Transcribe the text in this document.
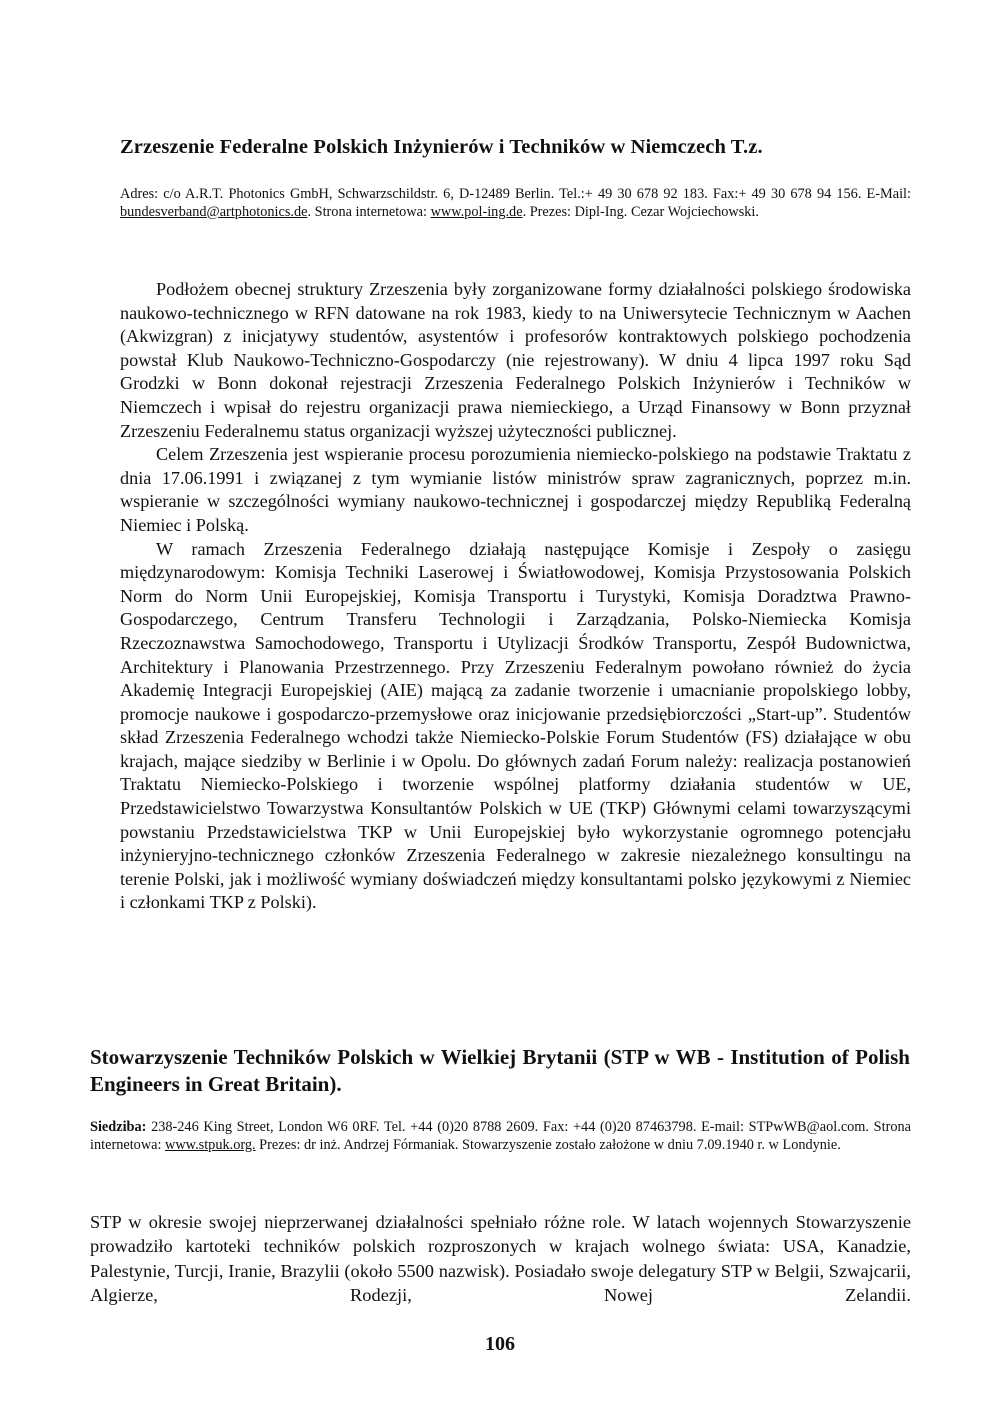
Zrzeszenie Federalne Polskich Inżynierów i Techników w Niemczech T.z.
Adres: c/o A.R.T. Photonics GmbH, Schwarzschildstr. 6, D-12489 Berlin. Tel.:+ 49 30 678 92 183. Fax:+ 49 30 678 94 156. E-Mail: bundesverband@artphotonics.de. Strona internetowa: www.pol-ing.de. Prezes: Dipl-Ing. Cezar Wojciechowski.

Podłożem obecnej struktury Zrzeszenia były zorganizowane formy działalności polskiego środowiska naukowo-technicznego w RFN datowane na rok 1983, kiedy to na Uniwersytecie Technicznym w Aachen (Akwizgran) z inicjatywy studentów, asystentów i profesorów kontraktowych polskiego pochodzenia powstał Klub Naukowo-Techniczno-Gospodarczy (nie rejestrowany). W dniu 4 lipca 1997 roku Sąd Grodzki w Bonn dokonał rejestracji Zrzeszenia Federalnego Polskich Inżynierów i Techników w Niemczech i wpisał do rejestru organizacji prawa niemieckiego, a Urząd Finansowy w Bonn przyznał Zrzeszeniu Federalnemu status organizacji wyższej użyteczności publicznej.

Celem Zrzeszenia jest wspieranie procesu porozumienia niemiecko-polskiego na podstawie Traktatu z dnia 17.06.1991 i związanej z tym wymianie listów ministrów spraw zagranicznych, poprzez m.in. wspieranie w szczególności wymiany naukowo-technicznej i gospodarczej między Republiką Federalną Niemiec i Polską.

W ramach Zrzeszenia Federalnego działają następujące Komisje i Zespoły o zasięgu międzynarodowym: Komisja Techniki Laserowej i Światłowodowej, Komisja Przystosowania Polskich Norm do Norm Unii Europejskiej, Komisja Transportu i Turystyki, Komisja Doradztwa Prawno-Gospodarczego, Centrum Transferu Technologii i Zarządzania, Polsko-Niemiecka Komisja Rzeczoznawstwa Samochodowego, Transportu i Utylizacji Środków Transportu, Zespół Budownictwa, Architektury i Planowania Przestrzennego. Przy Zrzeszeniu Federalnym powołano również do życia Akademię Integracji Europejskiej (AIE) mającą za zadanie tworzenie i umacnianie propolskiego lobby, promocje naukowe i gospodarczo-przemysłowe oraz inicjowanie przedsiębiorczości „Start-up”. Studentów skład Zrzeszenia Federalnego wchodzi także Niemiecko-Polskie Forum Studentów (FS) działające w obu krajach, mające siedziby w Berlinie i w Opolu. Do głównych zadań Forum należy: realizacja postanowień Traktatu Niemiecko-Polskiego i tworzenie wspólnej platformy działania studentów w UE, Przedstawicielstwo Towarzystwa Konsultantów Polskich w UE (TKP) Głównymi celami towarzyszącymi powstaniu Przedstawicielstwa TKP w Unii Europejskiej było wykorzystanie ogromnego potencjału inżynieryjno-technicznego członków Zrzeszenia Federalnego w zakresie niezależnego konsultingu na terenie Polski, jak i możliwość wymiany doświadczeń między konsultantami polsko językowymi z Niemiec i członkami TKP z Polski).

Stowarzyszenie Techników Polskich w Wielkiej Brytanii (STP w WB - Institution of Polish Engineers in Great Britain).
Siedziba: 238-246 King Street, London W6 0RF. Tel. +44 (0)20 8788 2609. Fax: +44 (0)20 87463798. E-mail: STPwWB@aol.com. Strona internetowa: www.stpuk.org. Prezes: dr inż. Andrzej Fórmaniak. Stowarzyszenie zostało założone w dniu 7.09.1940 r. w Londynie.

STP w okresie swojej nieprzerwanej działalności spełniało różne role. W latach wojennych Stowarzyszenie prowadziło kartoteki techników polskich rozproszonych w krajach wolnego świata: USA, Kanadzie, Palestynie, Turcji, Iranie, Brazylii (około 5500 nazwisk). Posiadało swoje delegatury STP w Belgii, Szwajcarii, Algierze, Rodezji, Nowej Zelandii.

106
